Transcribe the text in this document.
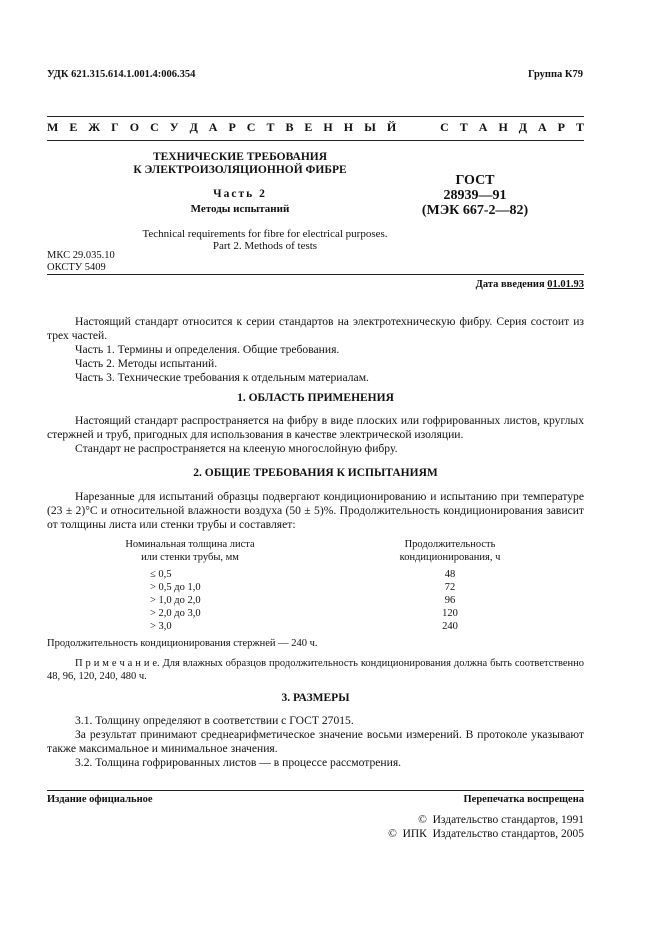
УДК 621.315.614.1.001.4:006.354	Группа К79
М Е Ж Г О С У Д А Р С Т В Е Н Н Ы Й    С Т А Н Д А Р Т
ТЕХНИЧЕСКИЕ ТРЕБОВАНИЯ
К ЭЛЕКТРОИЗОЛЯЦИОННОЙ ФИБРЕ
Часть 2
Методы испытаний
Technical requirements for fibre for electrical purposes.
Part 2. Methods of tests
ГОСТ
28939—91
(МЭК 667-2—82)
МКС 29.035.10
ОКСТУ 5409
Дата введения 01.01.93

Настоящий стандарт относится к серии стандартов на электротехническую фибру. Серия состоит из трех частей.

Часть 1. Термины и определения. Общие требования.

Часть 2. Методы испытаний.

Часть 3. Технические требования к отдельным материалам.

1. ОБЛАСТЬ ПРИМЕНЕНИЯ

Настоящий стандарт распространяется на фибру в виде плоских или гофрированных листов, круглых стержней и труб, пригодных для использования в качестве электрической изоляции.

Стандарт не распространяется на клееную многослойную фибру.

2. ОБЩИЕ ТРЕБОВАНИЯ К ИСПЫТАНИЯМ

Нарезанные для испытаний образцы подвергают кондиционированию и испытанию при температуре (23 ± 2)°С и относительной влажности воздуха (50 ± 5)%. Продолжительность кондиционирования зависит от толщины листа или стенки трубы и составляет:

Номинальная толщина листа
или стенки трубы, мм
Продолжительность
кондиционирования, ч
≤ 0,5	48
> 0,5 до 1,0	72
> 1,0 до 2,0	96
> 2,0 до 3,0	120
> 3,0	240
Продолжительность кондиционирования стержней — 240 ч.

П р и м е ч а н и е. Для влажных образцов продолжительность кондиционирования должна быть соответственно 48, 96, 120, 240, 480 ч.

3. РАЗМЕРЫ

3.1. Толщину определяют в соответствии с ГОСТ 27015.

За результат принимают среднеарифметическое значение восьми измерений. В протоколе указывают также максимальное и минимальное значения.

3.2. Толщина гофрированных листов — в процессе рассмотрения.

Издание официальное	Перепечатка воспрещена
©  Издательство стандартов, 1991
©  ИПК  Издательство стандартов, 2005
